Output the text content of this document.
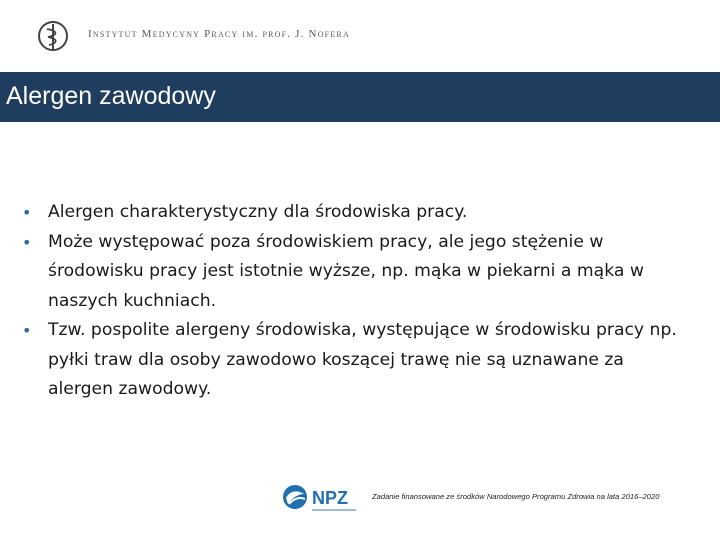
Instytut Medycyny Pracy im. prof. J. Nofera
Alergen zawodowy
• Alergen charakterystyczny dla środowiska pracy.
• Może występować poza środowiskiem pracy, ale jego stężenie w środowisku pracy jest istotnie wyższe, np. mąka w piekarni a mąka w naszych kuchniach.
• Tzw. pospolite alergeny środowiska, występujące w środowisku pracy np. pyłki traw dla osoby zawodowo koszącej trawę nie są uznawane za alergen zawodowy.
NPZ	Zadanie finansowane ze środków Narodowego Programu Zdrowia na lata 2016–2020
